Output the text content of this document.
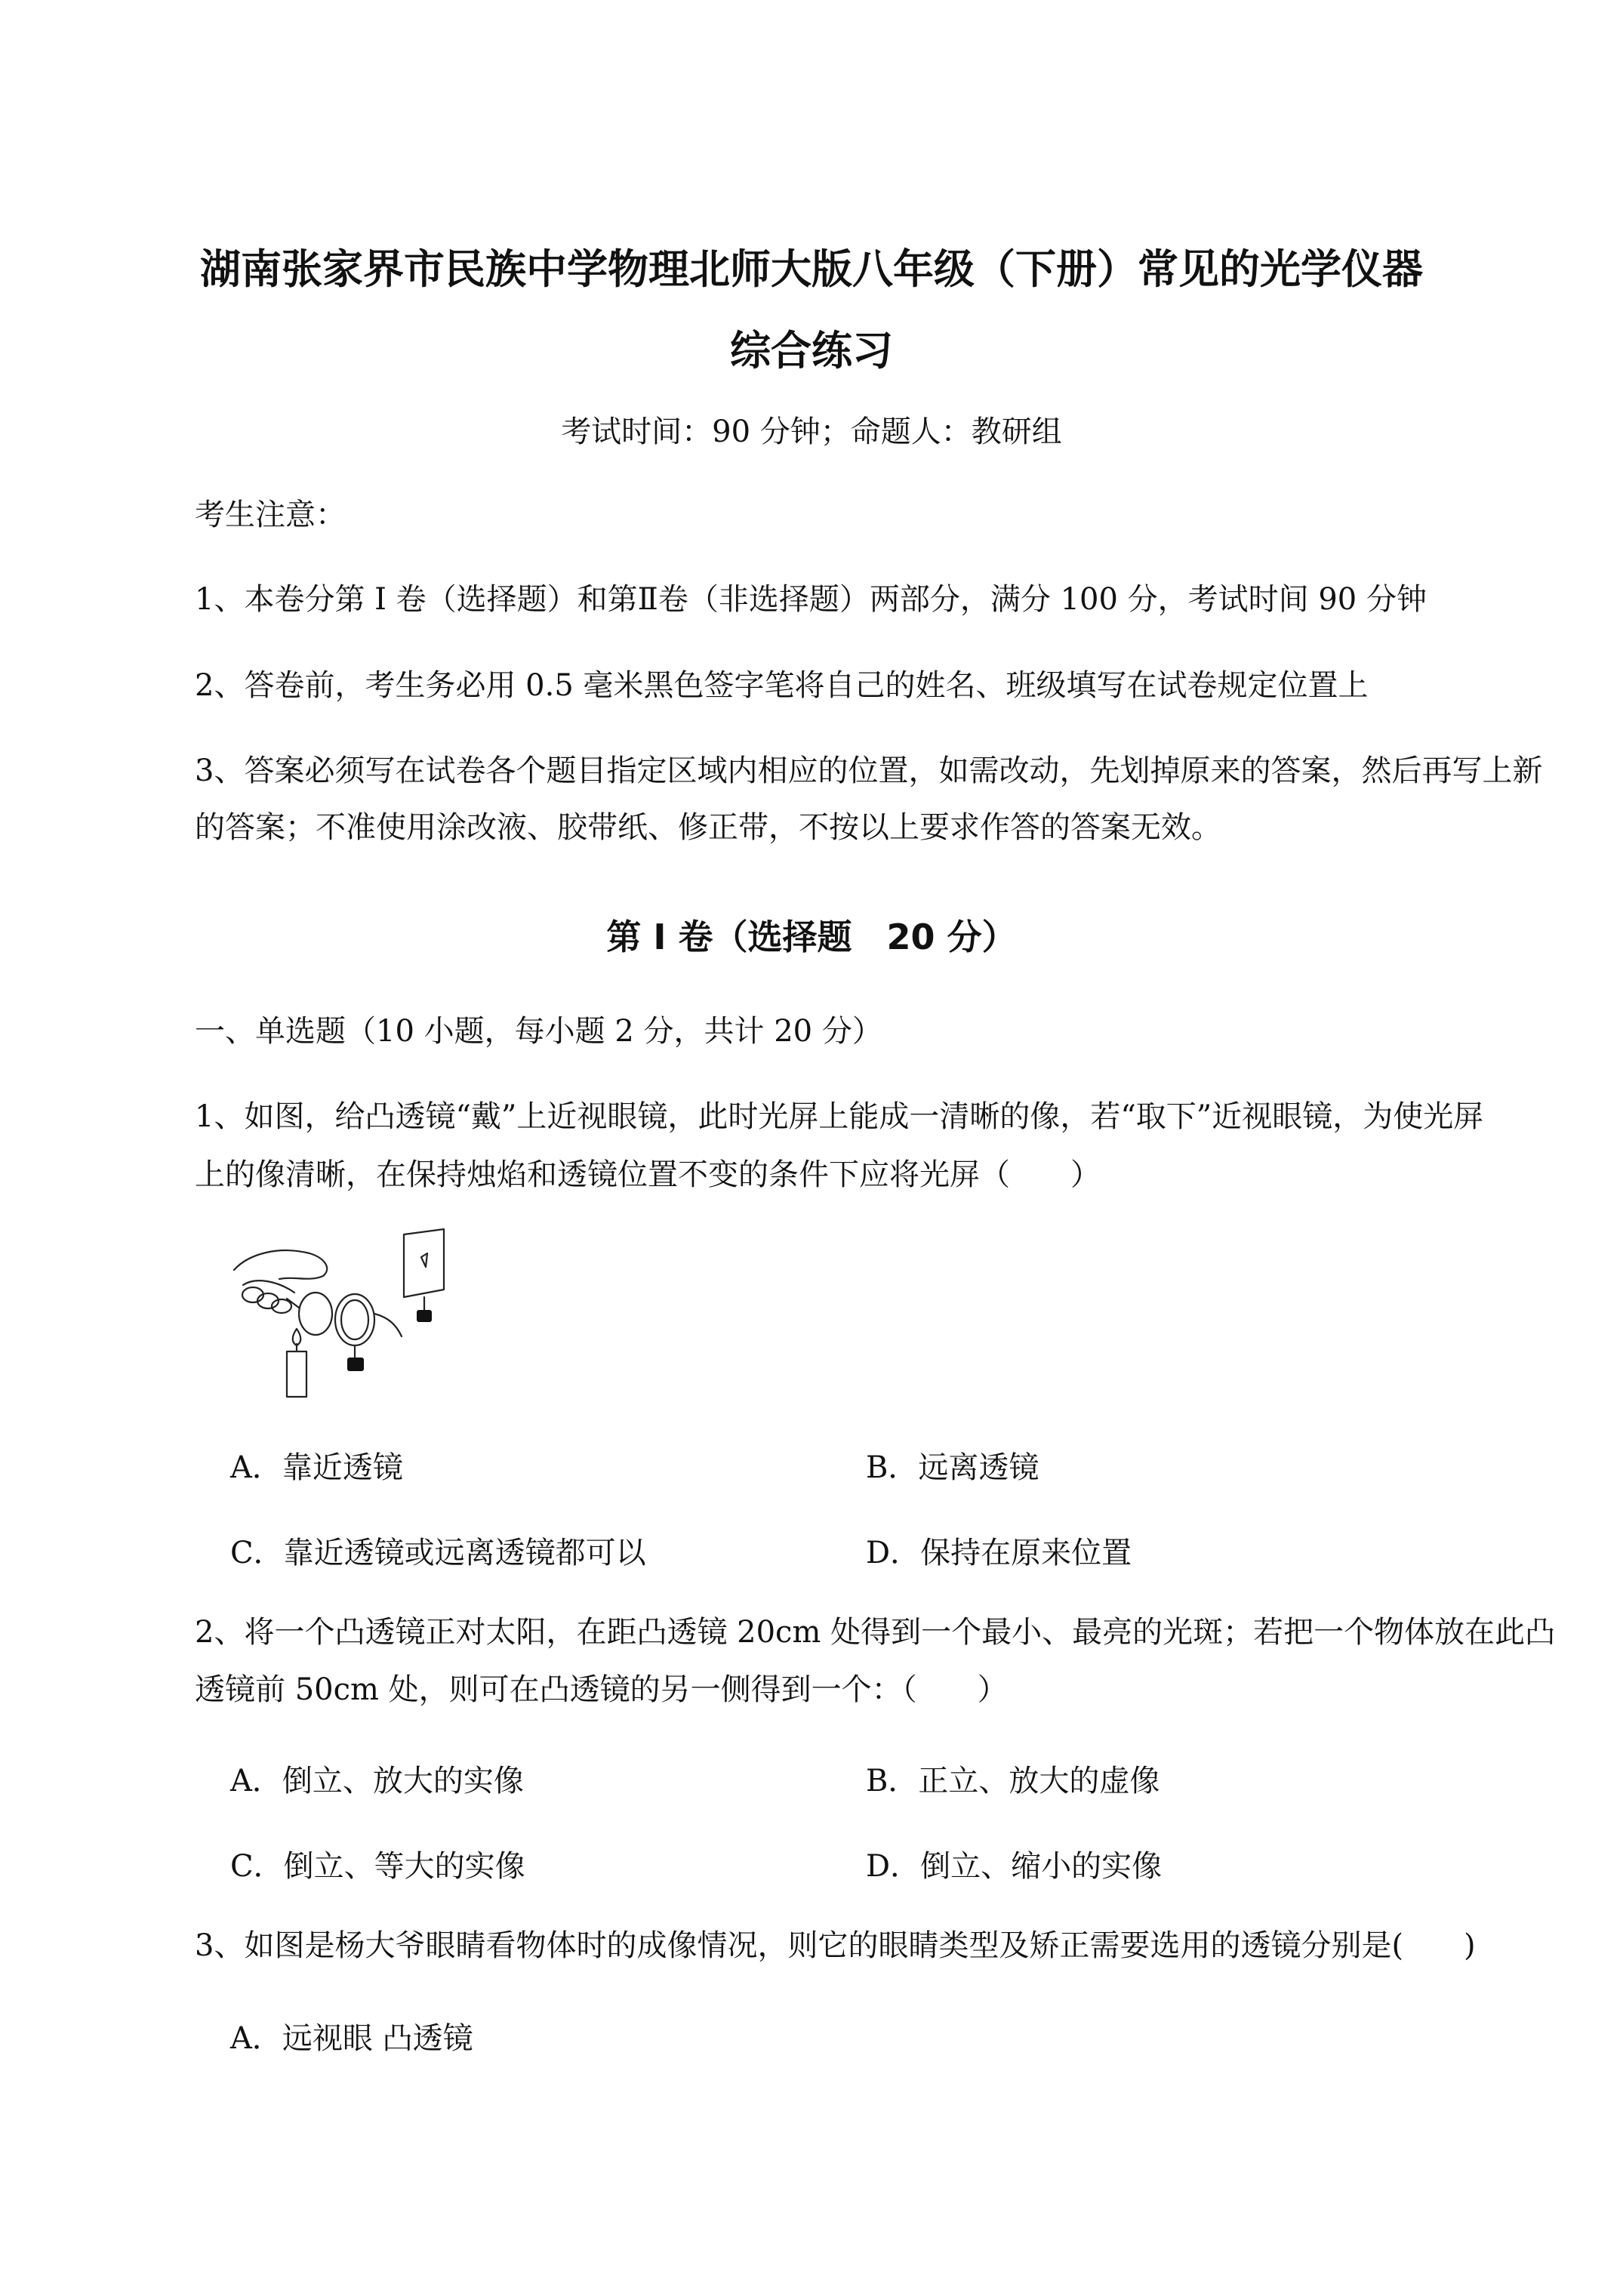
湖南张家界市民族中学物理北师大版八年级（下册）常见的光学仪器
综合练习
考试时间：90 分钟；命题人：教研组
考生注意：
1、本卷分第 I 卷（选择题）和第Ⅱ卷（非选择题）两部分，满分 100 分，考试时间 90 分钟
2、答卷前，考生务必用 0.5 毫米黑色签字笔将自己的姓名、班级填写在试卷规定位置上
3、答案必须写在试卷各个题目指定区域内相应的位置，如需改动，先划掉原来的答案，然后再写上新
的答案；不准使用涂改液、胶带纸、修正带，不按以上要求作答的答案无效。
第 I 卷（选择题　20 分）
一、单选题（10 小题，每小题 2 分，共计 20 分）
1、如图，给凸透镜“戴”上近视眼镜，此时光屏上能成一清晰的像，若“取下”近视眼镜，为使光屏
上的像清晰，在保持烛焰和透镜位置不变的条件下应将光屏（　　）
A．靠近透镜	B．远离透镜
C．靠近透镜或远离透镜都可以	D．保持在原来位置
2、将一个凸透镜正对太阳，在距凸透镜 20cm 处得到一个最小、最亮的光斑；若把一个物体放在此凸
透镜前 50cm 处，则可在凸透镜的另一侧得到一个：（　　）
A．倒立、放大的实像	B．正立、放大的虚像
C．倒立、等大的实像	D．倒立、缩小的实像
3、如图是杨大爷眼睛看物体时的成像情况，则它的眼睛类型及矫正需要选用的透镜分别是(　　)
A．远视眼 凸透镜
